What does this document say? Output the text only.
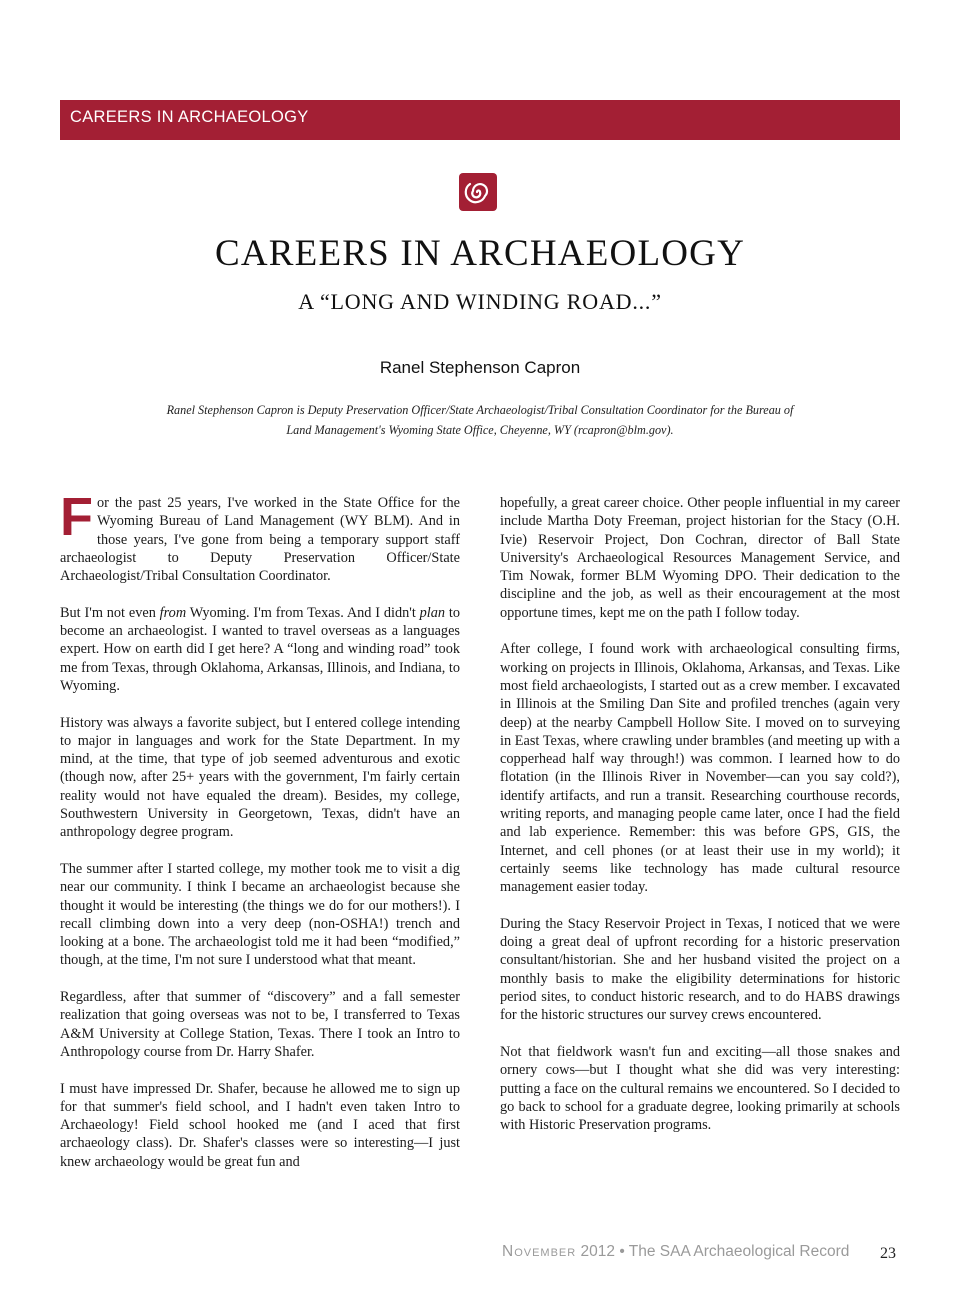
CAREERS IN ARCHAEOLOGY
CAREERS IN ARCHAEOLOGY
A “LONG AND WINDING ROAD...”
Ranel Stephenson Capron
Ranel Stephenson Capron is Deputy Preservation Officer/State Archaeologist/Tribal Consultation Coordinator for the Bureau of Land Management's Wyoming State Office, Cheyenne, WY (rcapron@blm.gov).

For the past 25 years, I've worked in the State Office for the Wyoming Bureau of Land Management (WY BLM). And in those years, I've gone from being a temporary support staff archaeologist to Deputy Preservation Officer/State Archaeologist/Tribal Consultation Coordinator.

But I'm not even from Wyoming. I'm from Texas. And I didn't plan to become an archaeologist. I wanted to travel overseas as a languages expert. How on earth did I get here? A “long and winding road” took me from Texas, through Oklahoma, Arkansas, Illinois, and Indiana, to Wyoming.

History was always a favorite subject, but I entered college intending to major in languages and work for the State Department. In my mind, at the time, that type of job seemed adventurous and exotic (though now, after 25+ years with the government, I'm fairly certain reality would not have equaled the dream). Besides, my college, Southwestern University in Georgetown, Texas, didn't have an anthropology degree program.

The summer after I started college, my mother took me to visit a dig near our community. I think I became an archaeologist because she thought it would be interesting (the things we do for our mothers!). I recall climbing down into a very deep (non-OSHA!) trench and looking at a bone. The archaeologist told me it had been “modified,” though, at the time, I'm not sure I understood what that meant.

Regardless, after that summer of “discovery” and a fall semester realization that going overseas was not to be, I transferred to Texas A&M University at College Station, Texas. There I took an Intro to Anthropology course from Dr. Harry Shafer.

I must have impressed Dr. Shafer, because he allowed me to sign up for that summer's field school, and I hadn't even taken Intro to Archaeology! Field school hooked me (and I aced that first archaeology class). Dr. Shafer's classes were so interesting—I just knew archaeology would be great fun and

hopefully, a great career choice. Other people influential in my career include Martha Doty Freeman, project historian for the Stacy (O.H. Ivie) Reservoir Project, Don Cochran, director of Ball State University's Archaeological Resources Management Service, and Tim Nowak, former BLM Wyoming DPO. Their dedication to the discipline and the job, as well as their encouragement at the most opportune times, kept me on the path I follow today.

After college, I found work with archaeological consulting firms, working on projects in Illinois, Oklahoma, Arkansas, and Texas. Like most field archaeologists, I started out as a crew member. I excavated in Illinois at the Smiling Dan Site and profiled trenches (again very deep) at the nearby Campbell Hollow Site. I moved on to surveying in East Texas, where crawling under brambles (and meeting up with a copperhead half way through!) was common. I learned how to do flotation (in the Illinois River in November—can you say cold?), identify artifacts, and run a transit. Researching courthouse records, writing reports, and managing people came later, once I had the field and lab experience. Remember: this was before GPS, GIS, the Internet, and cell phones (or at least their use in my world); it certainly seems like technology has made cultural resource management easier today.

During the Stacy Reservoir Project in Texas, I noticed that we were doing a great deal of upfront recording for a historic preservation consultant/historian. She and her husband visited the project on a monthly basis to make the eligibility determinations for historic period sites, to conduct historic research, and to do HABS drawings for the historic structures our survey crews encountered.

Not that fieldwork wasn't fun and exciting—all those snakes and ornery cows—but I thought what she did was very interesting: putting a face on the cultural remains we encountered. So I decided to go back to school for a graduate degree, looking primarily at schools with Historic Preservation programs.

November 2012 • The SAA Archaeological Record 23
